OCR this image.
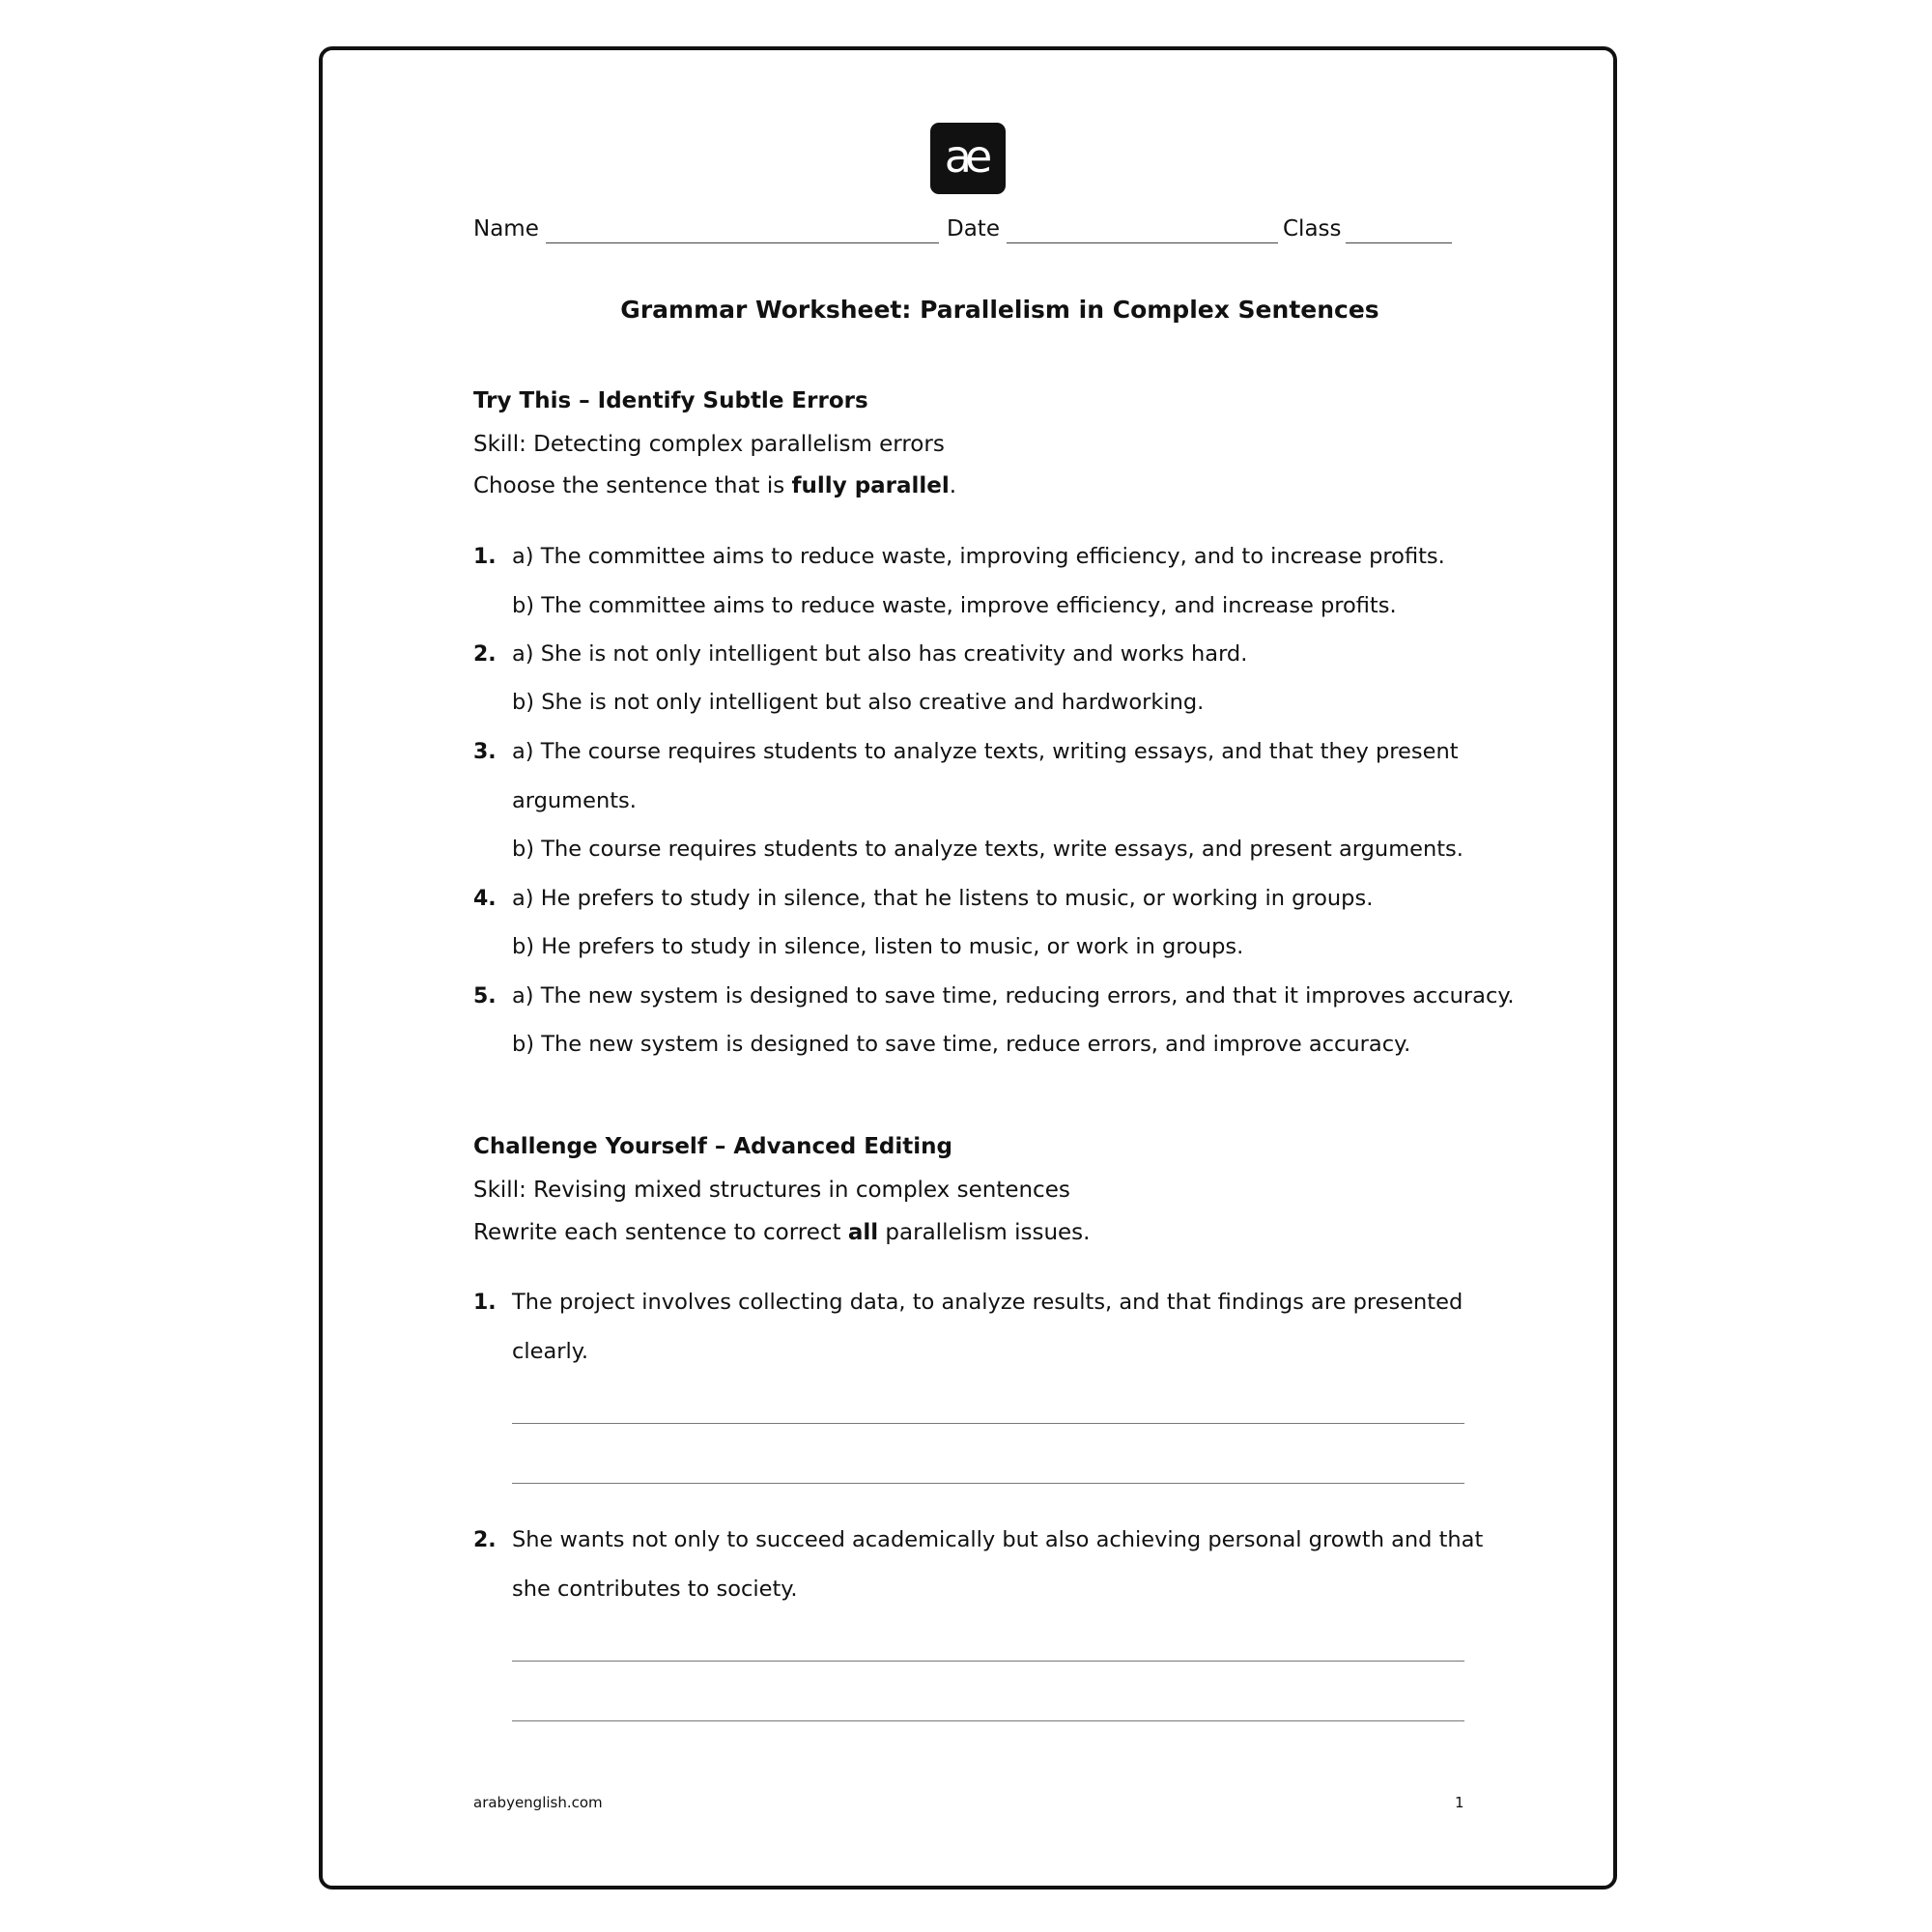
ae
Name	Date	Class
Grammar Worksheet: Parallelism in Complex Sentences
Try This – Identify Subtle Errors
Skill: Detecting complex parallelism errors
Choose the sentence that is fully parallel.
1. a) The committee aims to reduce waste, improving efficiency, and to increase profits.
b) The committee aims to reduce waste, improve efficiency, and increase profits.
2. a) She is not only intelligent but also has creativity and works hard.
b) She is not only intelligent but also creative and hardworking.
3. a) The course requires students to analyze texts, writing essays, and that they present
arguments.
b) The course requires students to analyze texts, write essays, and present arguments.
4. a) He prefers to study in silence, that he listens to music, or working in groups.
b) He prefers to study in silence, listen to music, or work in groups.
5. a) The new system is designed to save time, reducing errors, and that it improves accuracy.
b) The new system is designed to save time, reduce errors, and improve accuracy.
Challenge Yourself – Advanced Editing
Skill: Revising mixed structures in complex sentences
Rewrite each sentence to correct all parallelism issues.
1. The project involves collecting data, to analyze results, and that findings are presented
clearly.
2. She wants not only to succeed academically but also achieving personal growth and that
she contributes to society.
arabyenglish.com	1
